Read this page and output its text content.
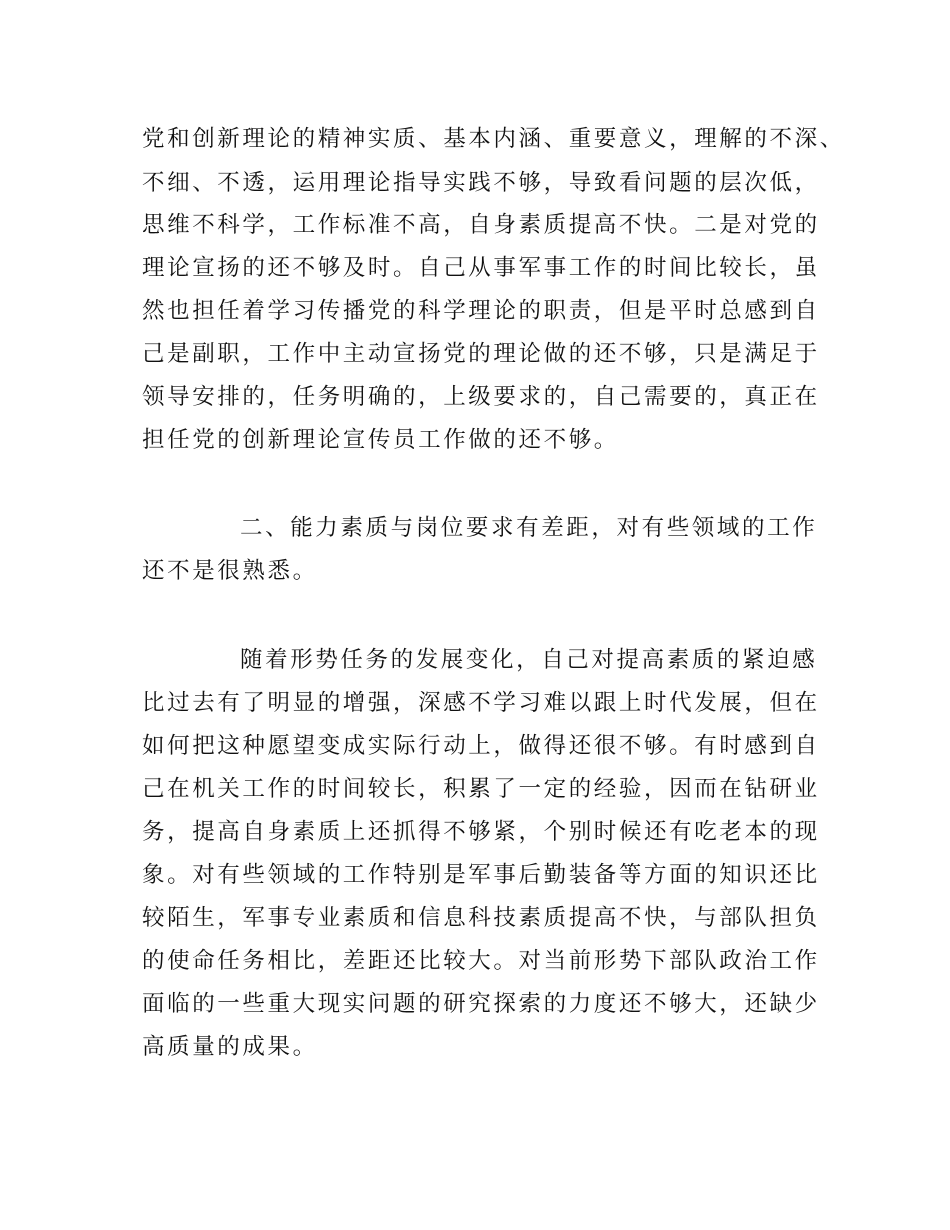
党和创新理论的精神实质、基本内涵、重要意义，理解的不深、
不细、不透，运用理论指导实践不够，导致看问题的层次低，
思维不科学，工作标准不高，自身素质提高不快。二是对党的
理论宣扬的还不够及时。自己从事军事工作的时间比较长，虽
然也担任着学习传播党的科学理论的职责，但是平时总感到自
己是副职，工作中主动宣扬党的理论做的还不够，只是满足于
领导安排的，任务明确的，上级要求的，自己需要的，真正在
担任党的创新理论宣传员工作做的还不够。
二、能力素质与岗位要求有差距，对有些领域的工作
还不是很熟悉。
随着形势任务的发展变化，自己对提高素质的紧迫感
比过去有了明显的增强，深感不学习难以跟上时代发展，但在
如何把这种愿望变成实际行动上，做得还很不够。有时感到自
己在机关工作的时间较长，积累了一定的经验，因而在钻研业
务，提高自身素质上还抓得不够紧，个别时候还有吃老本的现
象。对有些领域的工作特别是军事后勤装备等方面的知识还比
较陌生，军事专业素质和信息科技素质提高不快，与部队担负
的使命任务相比，差距还比较大。对当前形势下部队政治工作
面临的一些重大现实问题的研究探索的力度还不够大，还缺少
高质量的成果。
